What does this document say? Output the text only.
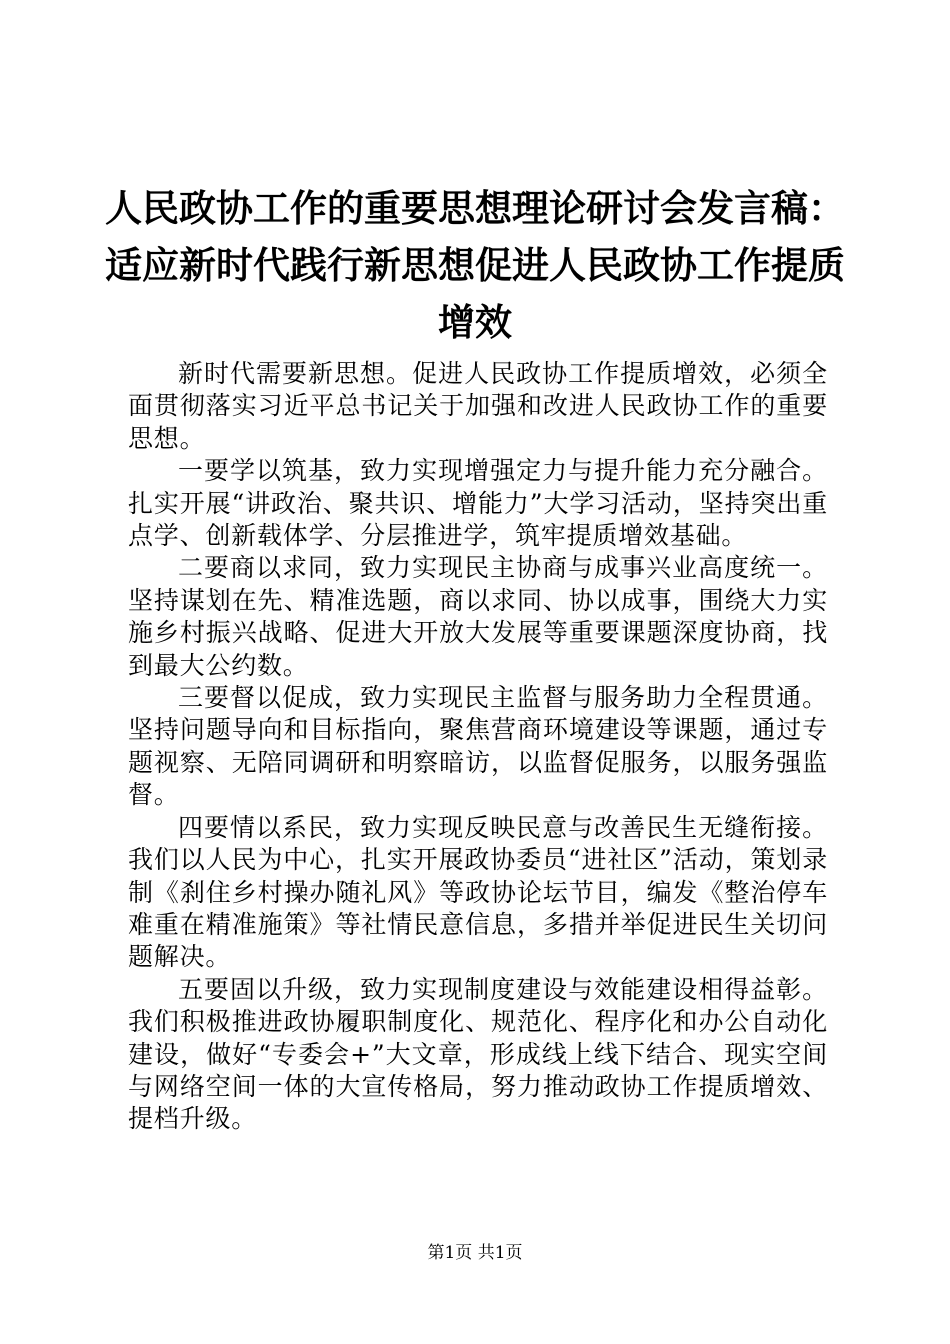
人民政协工作的重要思想理论研讨会发言稿：
适应新时代践行新思想促进人民政协工作提质
增效

新时代需要新思想。促进人民政协工作提质增效，必须全面贯彻落实习近平总书记关于加强和改进人民政协工作的重要思想。

一要学以筑基，致力实现增强定力与提升能力充分融合。扎实开展“讲政治、聚共识、增能力”大学习活动，坚持突出重点学、创新载体学、分层推进学，筑牢提质增效基础。

二要商以求同，致力实现民主协商与成事兴业高度统一。坚持谋划在先、精准选题，商以求同、协以成事，围绕大力实施乡村振兴战略、促进大开放大发展等重要课题深度协商，找到最大公约数。

三要督以促成，致力实现民主监督与服务助力全程贯通。坚持问题导向和目标指向，聚焦营商环境建设等课题，通过专题视察、无陪同调研和明察暗访，以监督促服务，以服务强监督。

四要情以系民，致力实现反映民意与改善民生无缝衔接。我们以人民为中心，扎实开展政协委员“进社区”活动，策划录制《刹住乡村操办随礼风》等政协论坛节目，编发《整治停车难重在精准施策》等社情民意信息，多措并举促进民生关切问题解决。

五要固以升级，致力实现制度建设与效能建设相得益彰。我们积极推进政协履职制度化、规范化、程序化和办公自动化建设，做好“专委会+”大文章，形成线上线下结合、现实空间与网络空间一体的大宣传格局，努力推动政协工作提质增效、提档升级。

第1页 共1页
